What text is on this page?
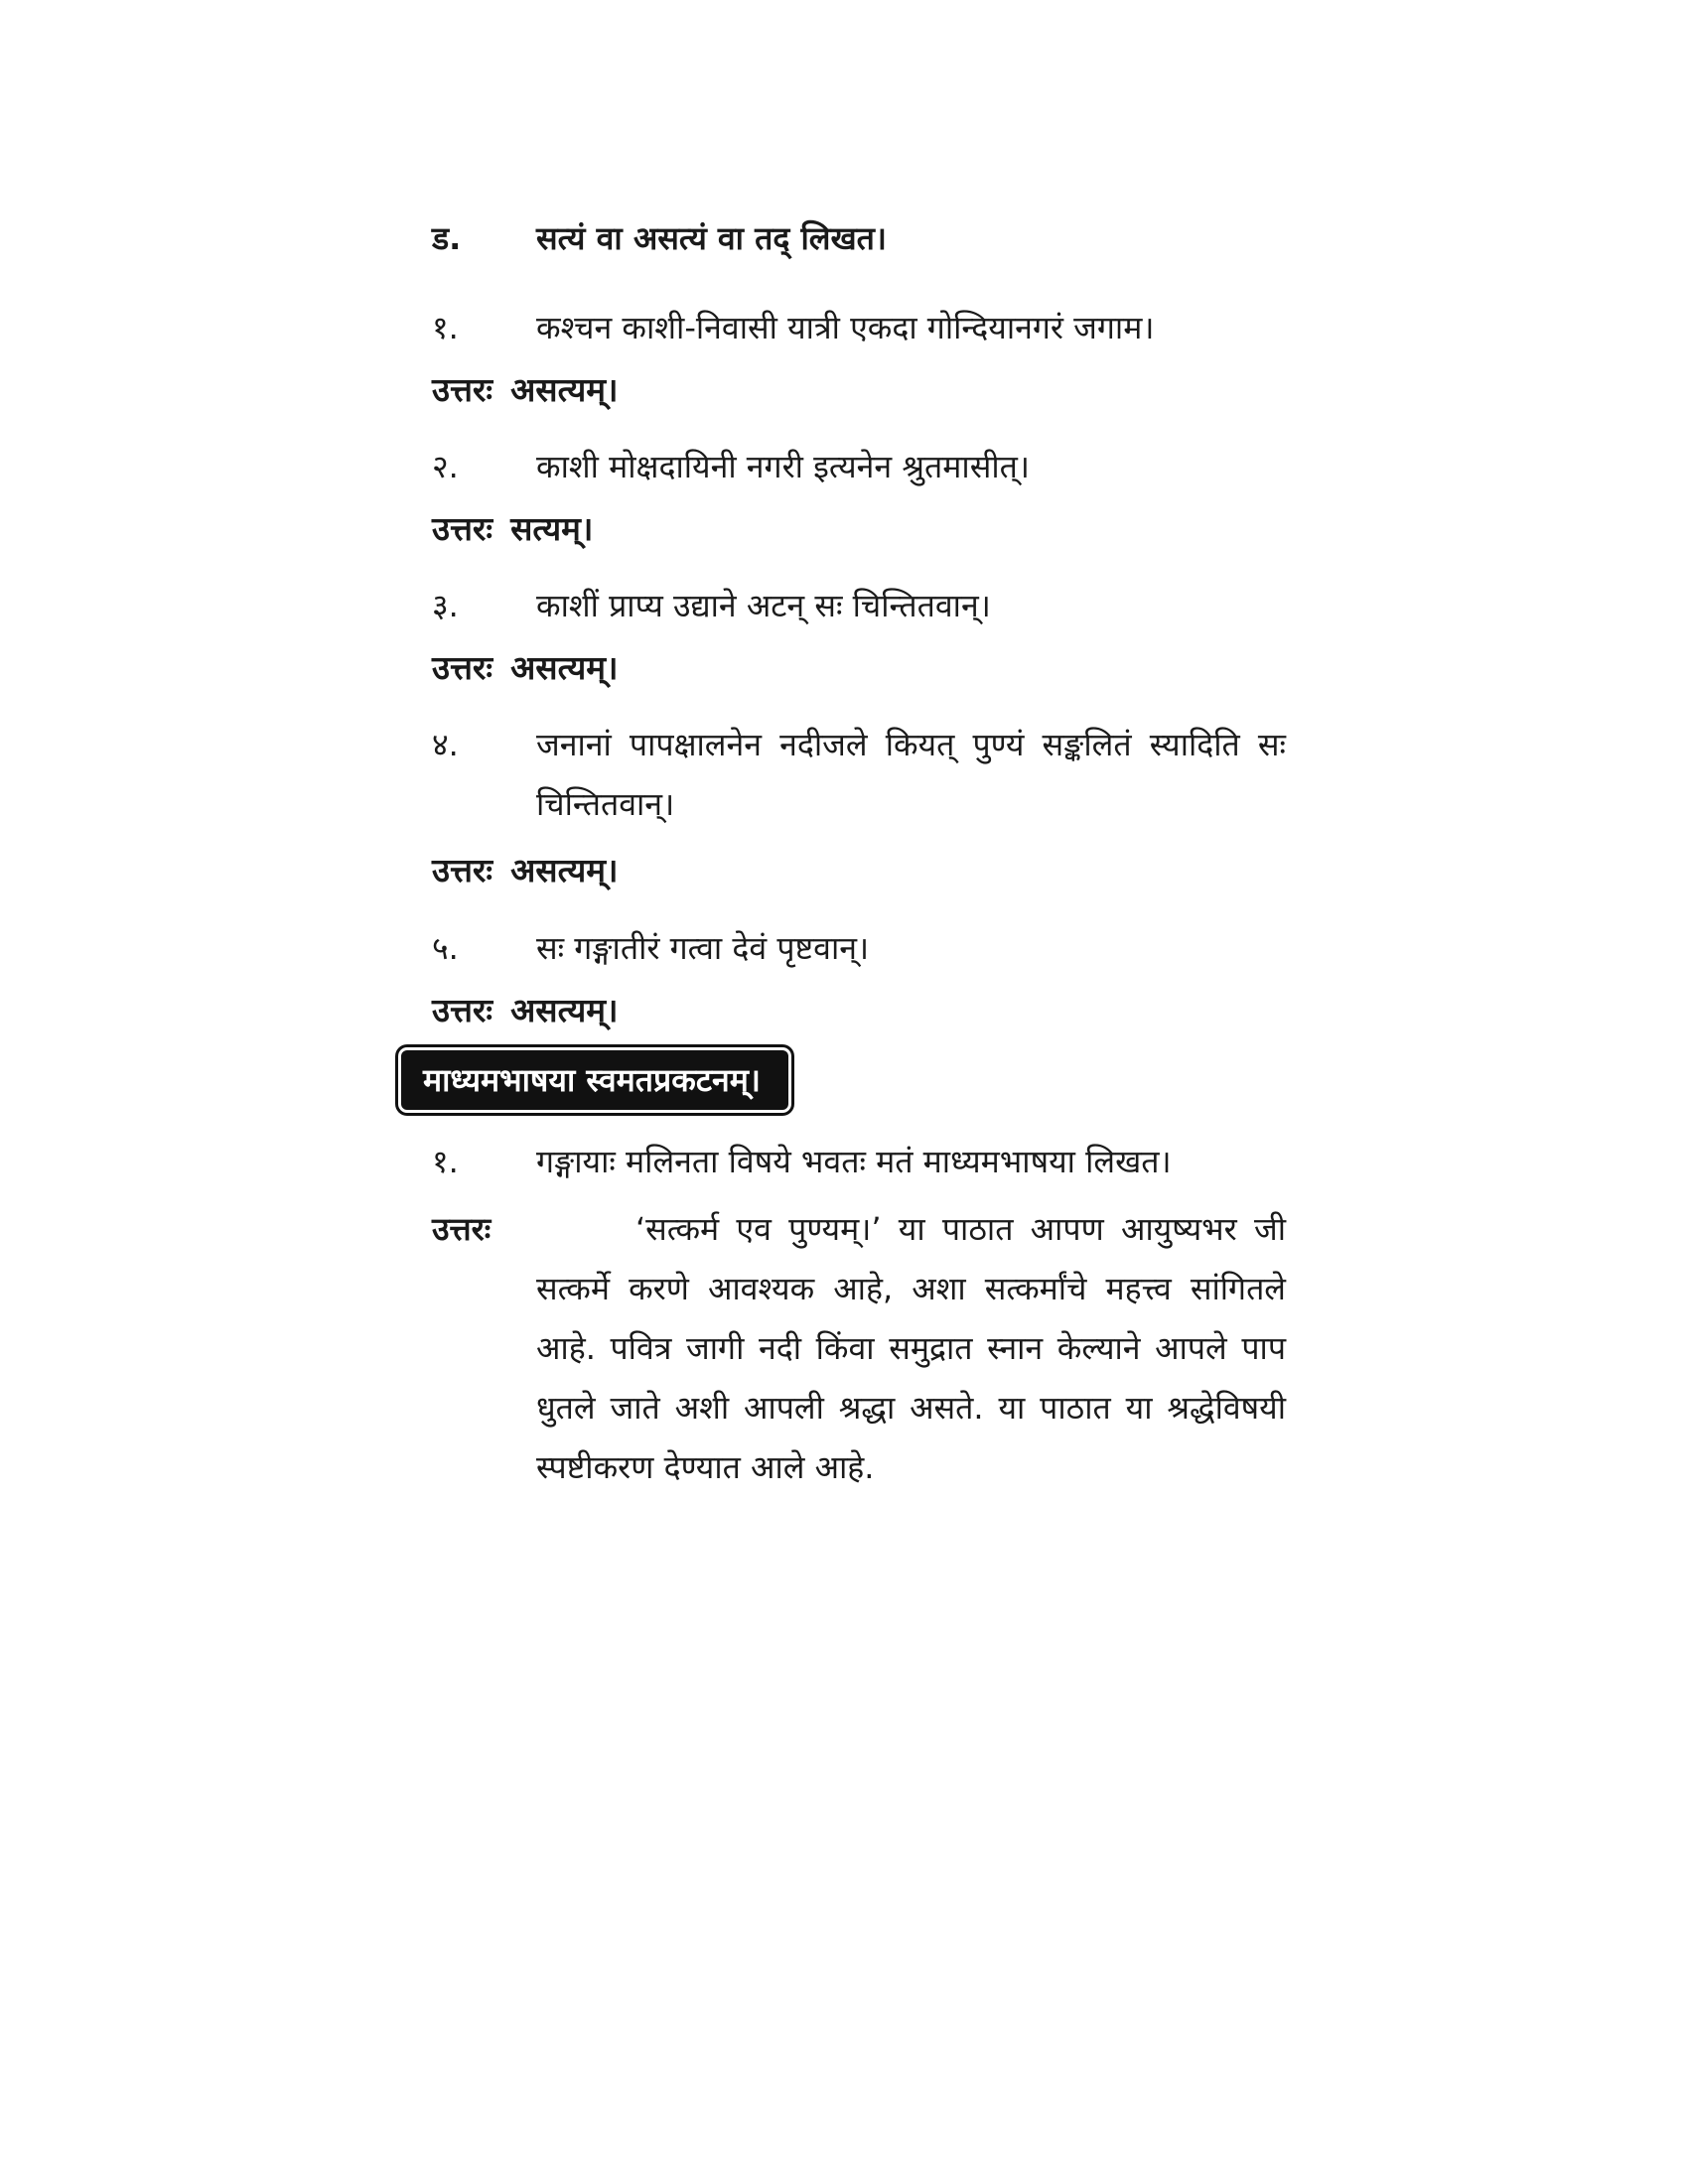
ड.	सत्यं वा असत्यं वा तद् लिखत।
१.	कश्चन काशी-निवासी यात्री एकदा गोन्दियानगरं जगाम।
उत्तरः असत्यम्।
२.	काशी मोक्षदायिनी नगरी इत्यनेन श्रुतमासीत्।
उत्तरः सत्यम्।
३.	काशीं प्राप्य उद्याने अटन् सः चिन्तितवान्।
उत्तरः असत्यम्।
४.	जनानां पापक्षालनेन नदीजले कियत् पुण्यं सङ्कलितं स्यादिति सः चिन्तितवान्।
उत्तरः असत्यम्।
५.	सः गङ्गातीरं गत्वा देवं पृष्टवान्।
उत्तरः असत्यम्।
माध्यमभाषया स्वमतप्रकटनम्।
१.	गङ्गायाः मलिनता विषये भवतः मतं माध्यमभाषया लिखत।
उत्तरः	‘सत्कर्म एव पुण्यम्।’ या पाठात आपण आयुष्यभर जी सत्कर्मे करणे आवश्यक आहे, अशा सत्कर्मांचे महत्त्व सांगितले आहे. पवित्र जागी नदी किंवा समुद्रात स्नान केल्याने आपले पाप धुतले जाते अशी आपली श्रद्धा असते. या पाठात या श्रद्धेविषयी स्पष्टीकरण देण्यात आले आहे.
